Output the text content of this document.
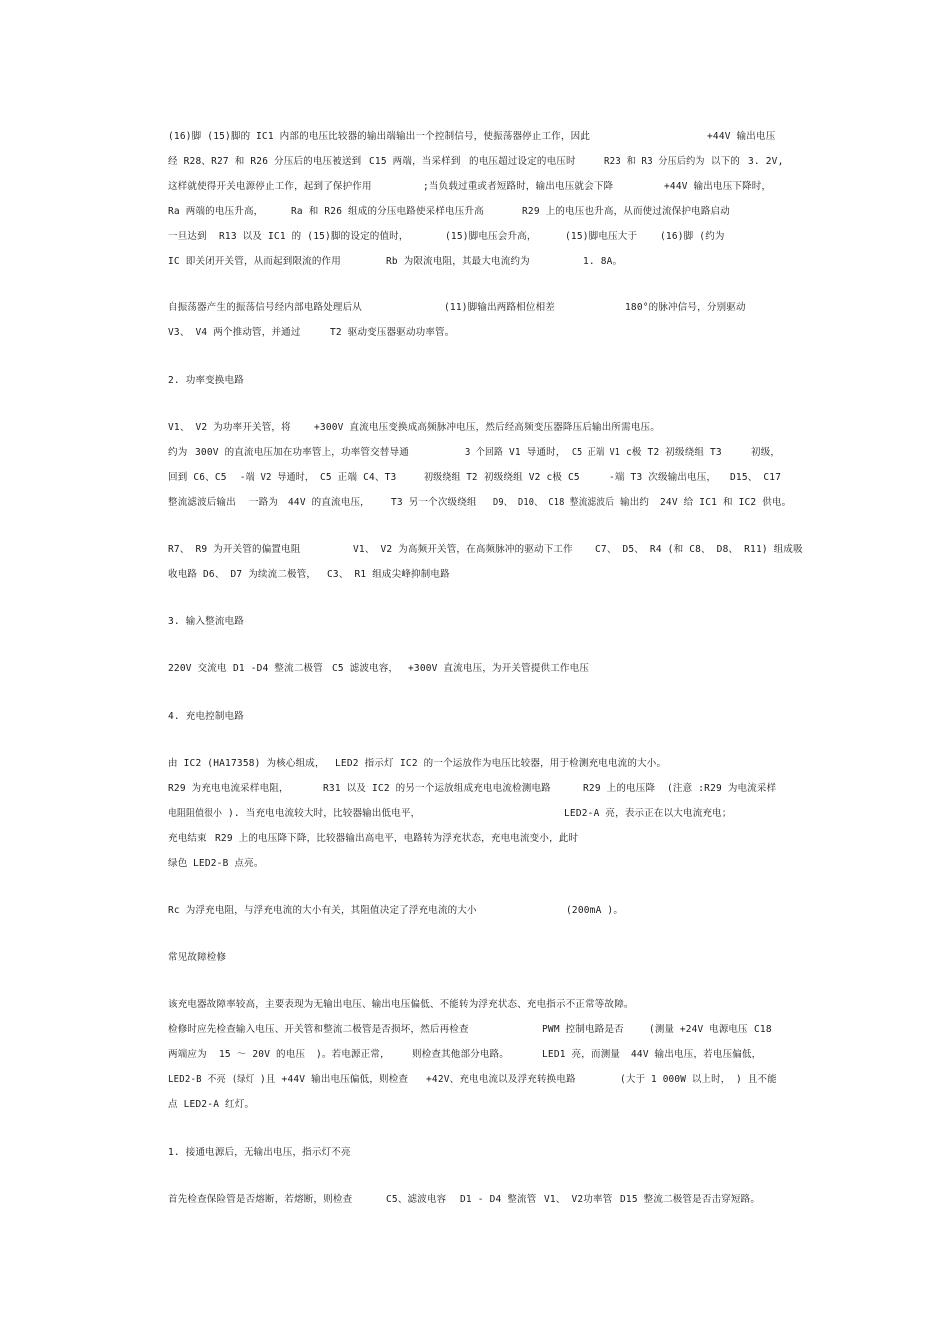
(16)脚 (15)脚的 IC1 内部的电压比较器的输出端输出一个控制信号，使振荡器停止工作，因此	+44V 输出电压
经 R28、R27 和 R26 分压后的电压被送到 C15 两端，当采样到 的电压超过设定的电压时	R23 和 R3 分压后约为 以下的 3. 2V,
这样就使得开关电源停止工作，起到了保护作用	;当负载过重或者短路时，输出电压就会下降	+44V 输出电压下降时，
Ra 两端的电压升高，	Ra 和 R26 组成的分压电路使采样电压升高	R29 上的电压也升高，从而使过流保护电路启动
一旦达到 R13 以及 IC1 的 (15)脚的设定的值时，	(15)脚电压会升高，	(15)脚电压大于 (16)脚 (约为
IC 即关闭开关管，从而起到限流的作用	Rb 为限流电阻，其最大电流约为	1. 8A。
自振荡器产生的振荡信号经内部电路处理后从	(11)脚输出两路相位相差	180°的脉冲信号，分别驱动
V3、 V4 两个推动管，并通过	T2 驱动变压器驱动功率管。
2. 功率变换电路
V1、 V2 为功率开关管，将 +300V 直流电压变换成高频脉冲电压，然后经高频变压器降压后输出所需电压。
约为 300V 的直流电压加在功率管上，功率管交替导通	3 个回路 V1 导通时， C5 正端 V1 c极 T2 初级绕组 T3	初级，
回到 C6、C5 -端 V2 导通时， C5 正端 C4、T3	初级绕组 T2 初级绕组 V2 c极 C5	-端 T3 次级输出电压， D15、 C17
整流滤波后输出 一路为 44V 的直流电压， T3 另一个次级绕组 D9、 D10、 C18 整流滤波后 输出约 24V 给 IC1 和 IC2 供电。
R7、 R9 为开关管的偏置电阻	V1、 V2 为高频开关管，在高频脉冲的驱动下工作 C7、 D5、 R4 (和 C8、 D8、 R11) 组成吸
收电路 D6、 D7 为续流二极管， C3、 R1 组成尖峰抑制电路
3. 输入整流电路
220V 交流电 D1 -D4 整流二极管 C5 滤波电容， +300V 直流电压，为开关管提供工作电压
4. 充电控制电路
由 IC2 (HA17358) 为核心组成， LED2 指示灯 IC2 的一个运放作为电压比较器，用于检测充电电流的大小。
R29 为充电电流采样电阻，	R31 以及 IC2 的另一个运放组成充电电流检测电路	R29 上的电压降 (注意 :R29 为电流采样
电阻阻值很小 ). 当充电电流较大时，比较器输出低电平，	LED2-A 亮，表示正在以大电流充电；
充电结束 R29 上的电压降下降，比较器输出高电平，电路转为浮充状态，充电电流变小，此时
绿色 LED2-B 点亮。
Rc 为浮充电阻，与浮充电流的大小有关，其阻值决定了浮充电流的大小	(200mA )。
常见故障检修
该充电器故障率较高，主要表现为无输出电压、输出电压偏低、不能转为浮充状态、充电指示不正常等故障。
检修时应先检查输入电压、开关管和整流二极管是否损坏，然后再检查	PWM 控制电路是否	(测量 +24V 电源电压 C18
两端应为 15 ～ 20V 的电压 )。若电源正常， 则检查其他部分电路。	LED1 亮，而测量 44V 输出电压，若电压偏低，
LED2-B 不亮 (绿灯 )且 +44V 输出电压偏低，则检查 +42V、充电电流以及浮充转换电路	(大于 1 000W 以上时， ) 且不能
点 LED2-A 红灯。
1. 接通电源后，无输出电压，指示灯不亮
首先检查保险管是否熔断，若熔断，则检查	C5、滤波电容 D1 - D4 整流管 V1、 V2功率管 D15 整流二极管是否击穿短路。
